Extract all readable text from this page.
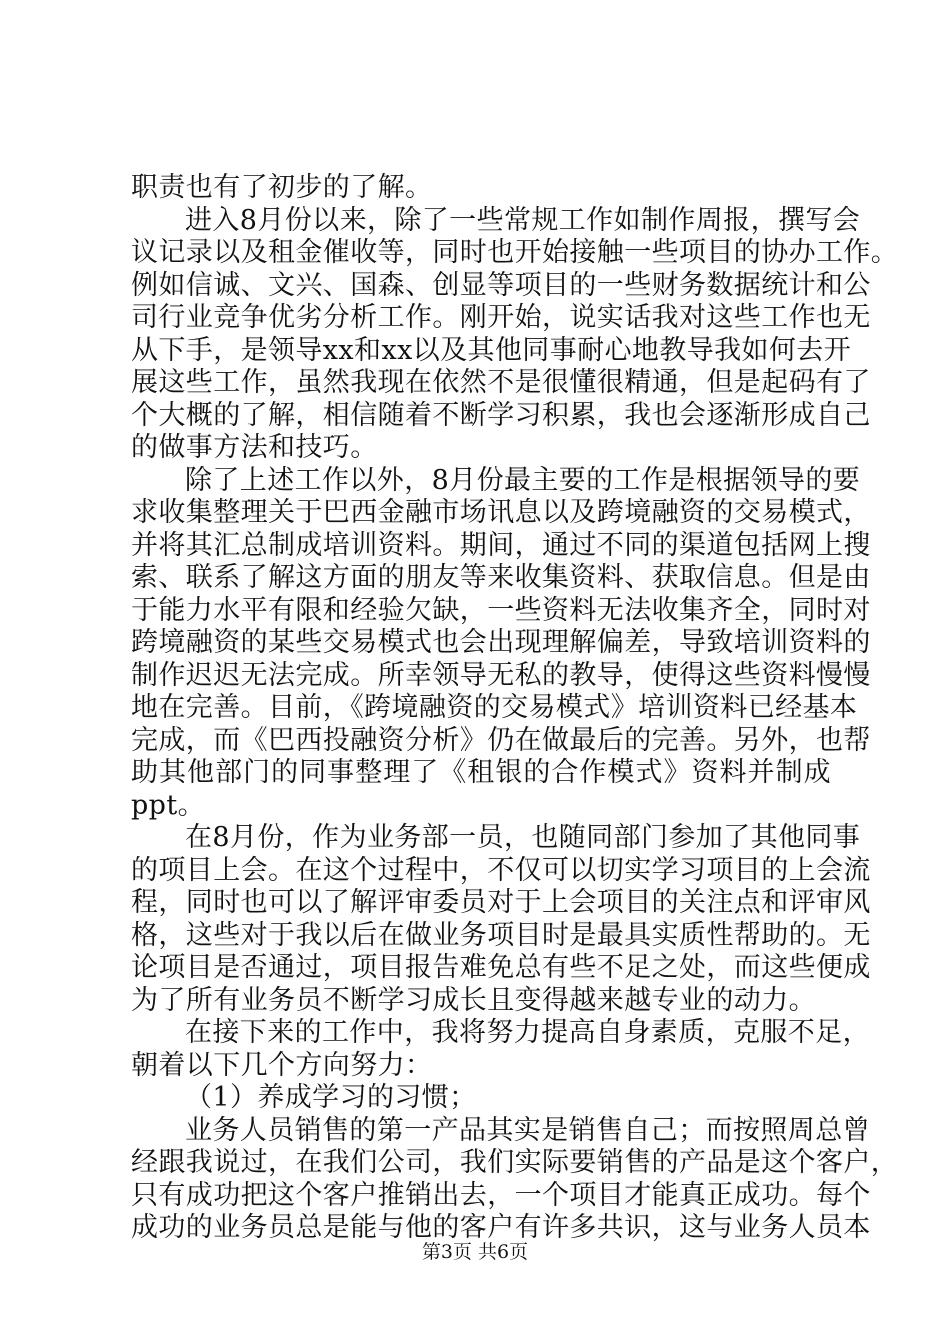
职责也有了初步的了解。
进入8月份以来，除了一些常规工作如制作周报，撰写会
议记录以及租金催收等，同时也开始接触一些项目的协办工作。
例如信诚、文兴、国森、创显等项目的一些财务数据统计和公
司行业竞争优劣分析工作。刚开始，说实话我对这些工作也无
从下手，是领导xx和xx以及其他同事耐心地教导我如何去开
展这些工作，虽然我现在依然不是很懂很精通，但是起码有了
个大概的了解，相信随着不断学习积累，我也会逐渐形成自己
的做事方法和技巧。
除了上述工作以外，8月份最主要的工作是根据领导的要
求收集整理关于巴西金融市场讯息以及跨境融资的交易模式，
并将其汇总制成培训资料。期间，通过不同的渠道包括网上搜
索、联系了解这方面的朋友等来收集资料、获取信息。但是由
于能力水平有限和经验欠缺，一些资料无法收集齐全，同时对
跨境融资的某些交易模式也会出现理解偏差，导致培训资料的
制作迟迟无法完成。所幸领导无私的教导，使得这些资料慢慢
地在完善。目前，《跨境融资的交易模式》培训资料已经基本
完成，而《巴西投融资分析》仍在做最后的完善。另外，也帮
助其他部门的同事整理了《租银的合作模式》资料并制成
ppt。
在8月份，作为业务部一员，也随同部门参加了其他同事
的项目上会。在这个过程中，不仅可以切实学习项目的上会流
程，同时也可以了解评审委员对于上会项目的关注点和评审风
格，这些对于我以后在做业务项目时是最具实质性帮助的。无
论项目是否通过，项目报告难免总有些不足之处，而这些便成
为了所有业务员不断学习成长且变得越来越专业的动力。
在接下来的工作中，我将努力提高自身素质，克服不足，
朝着以下几个方向努力：
（1）养成学习的习惯；
业务人员销售的第一产品其实是销售自己；而按照周总曾
经跟我说过，在我们公司，我们实际要销售的产品是这个客户，
只有成功把这个客户推销出去，一个项目才能真正成功。每个
成功的业务员总是能与他的客户有许多共识，这与业务人员本
第3页 共6页
